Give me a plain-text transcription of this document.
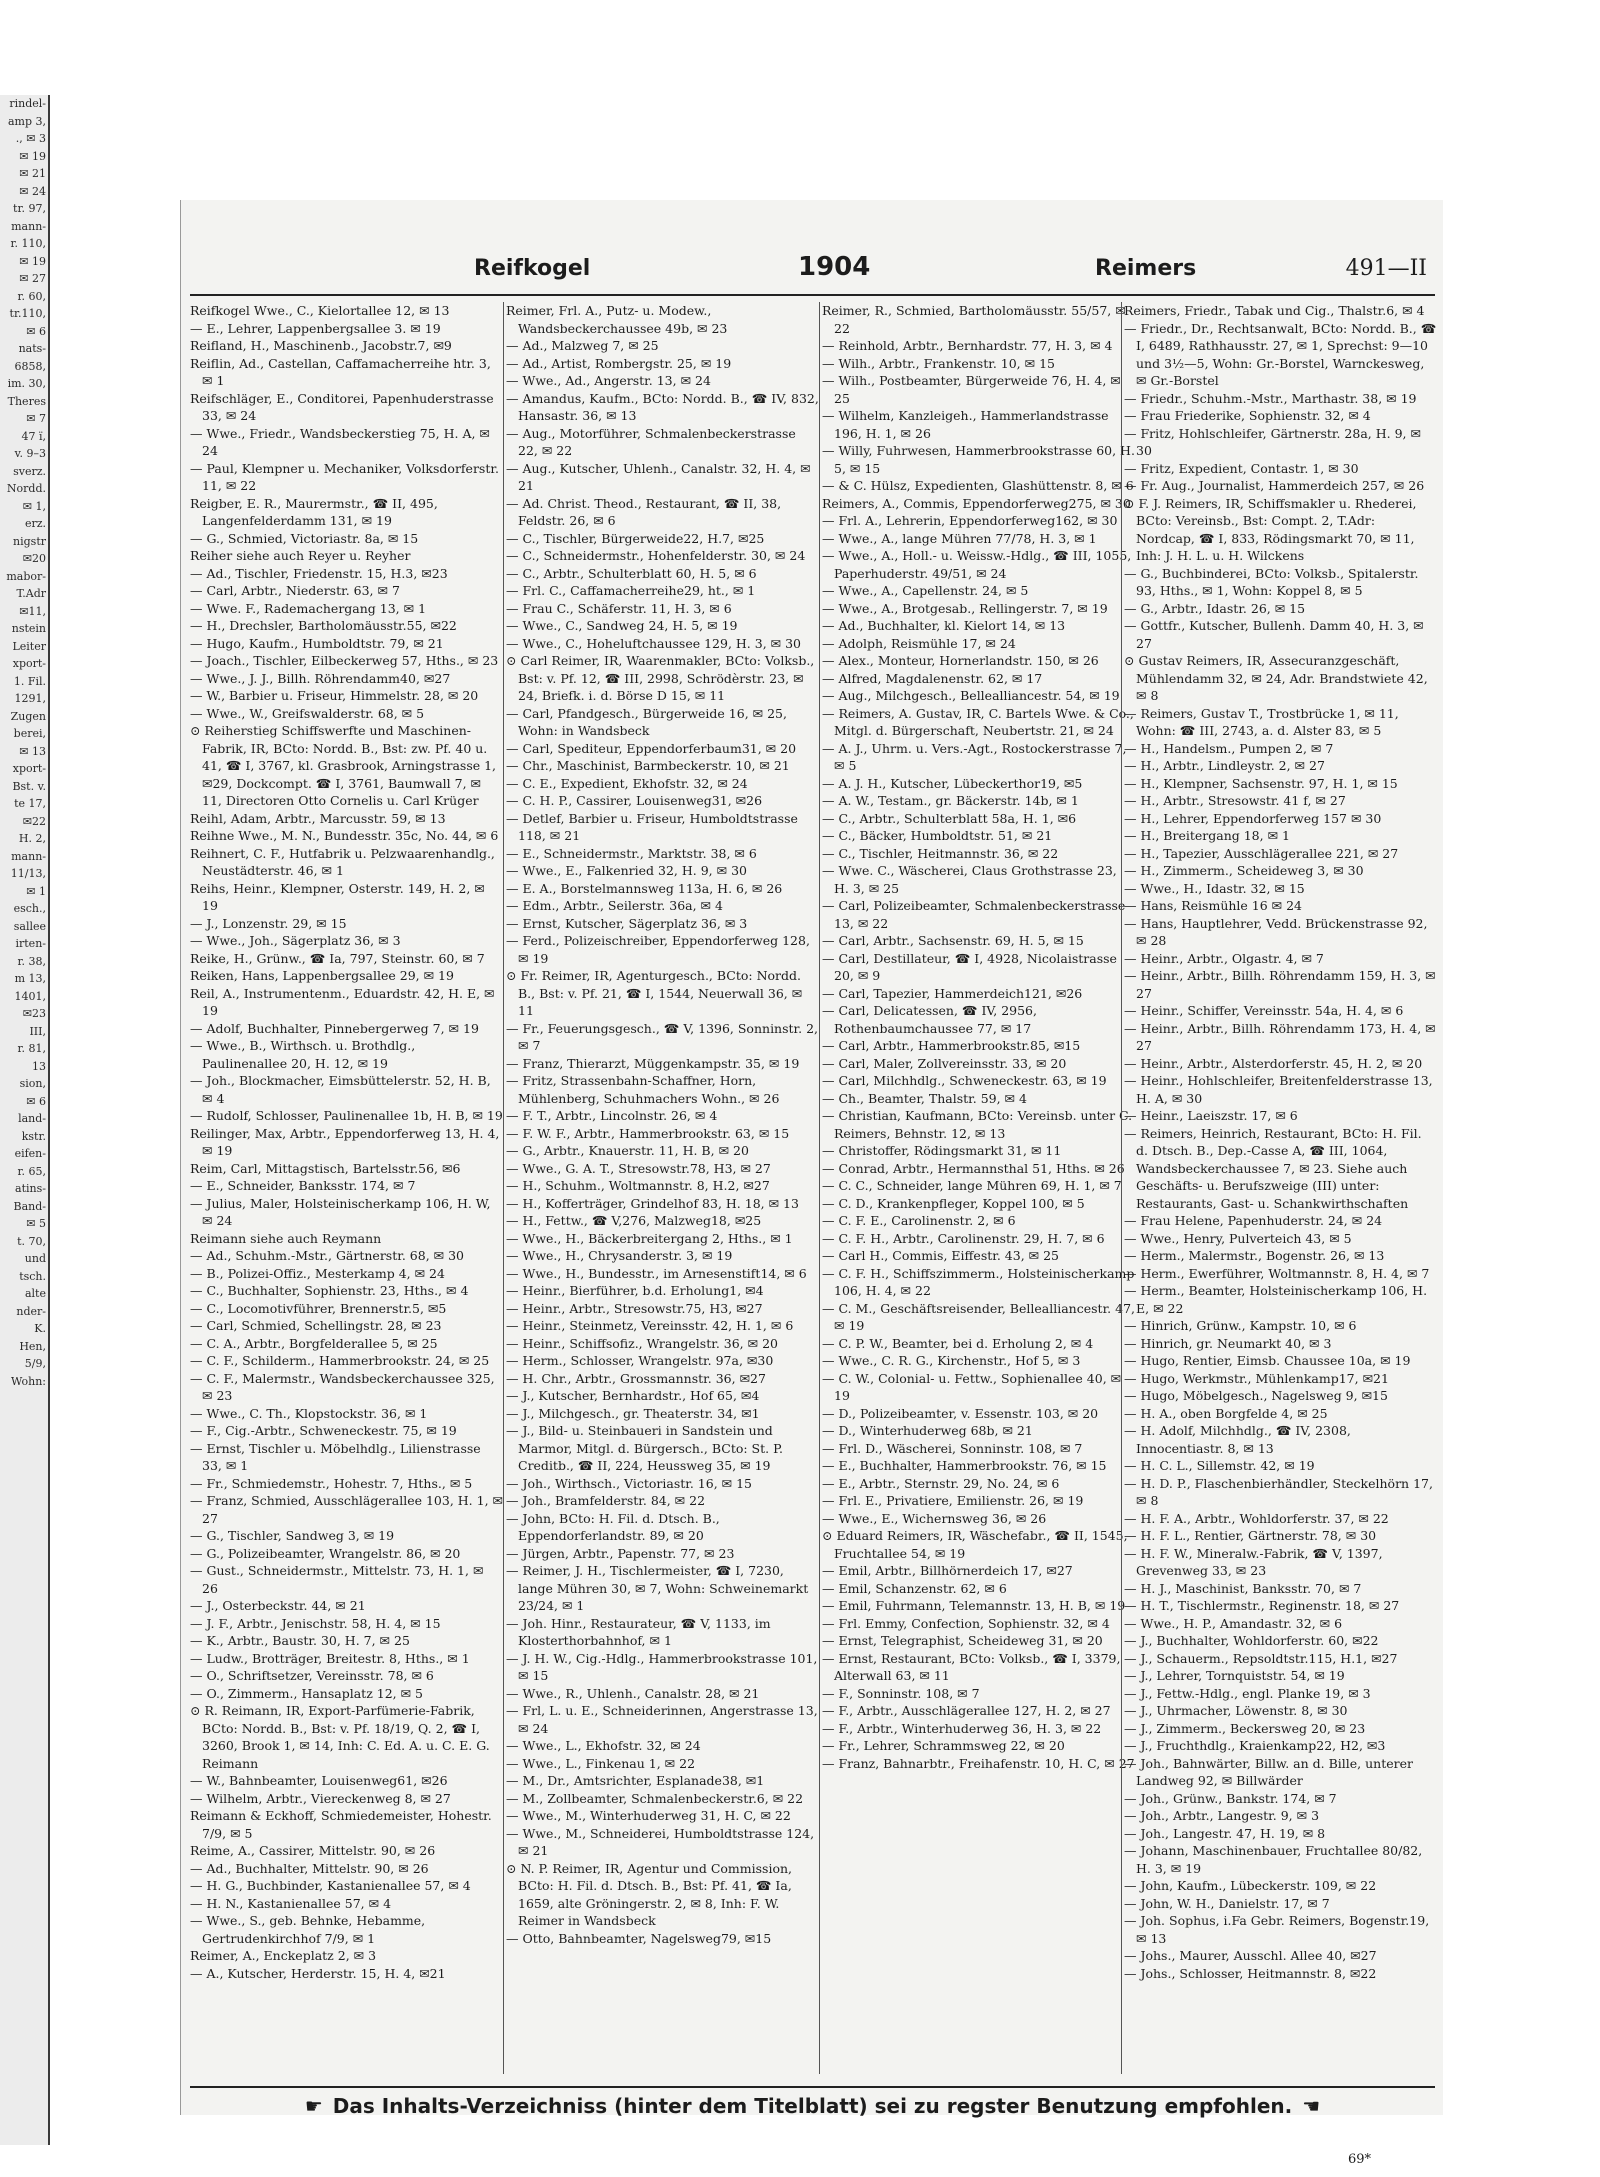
rindel-
amp 3,
., ✉ 3
✉ 19
✉ 21
✉ 24
tr. 97,
mann-
r. 110,
✉ 19
✉ 27
r. 60,
tr.110,
✉ 6
nats-
6858,
im. 30,
Theres
✉ 7
47 ï,
v. 9–3
sverz.
Nordd.
✉ 1,
erz.
nigstr
✉20
mabor-
T.Adr
✉11,
nstein
Leiter
xport-
1. Fil.
1291,
Zugen
berei,
✉ 13
xport-
Bst. v.
te 17,
✉22
H. 2,
mann-
11/13,
✉ 1
esch.,
sallee
irten-
r. 38,
m 13,
1401,
✉23
III,
r. 81,
13
sion,
✉ 6
land-
kstr.
eifen-
r. 65,
atins-
Band-
✉ 5
t. 70,
und
tsch.
alte
nder-
K.
Hen,
5/9,
Wohn:
Reifkogel	1904	Reimers	491—II

Reifkogel Wwe., C., Kielortallee 12, ✉ 13

— E., Lehrer, Lappenbergsallee 3. ✉ 19

Reifland, H., Maschinenb., Jacobstr.7, ✉9

Reiflin, Ad., Castellan, Caffamacherreihe htr. 3, ✉ 1

Reifschläger, E., Conditorei, Papenhuderstrasse 33, ✉ 24

— Wwe., Friedr., Wandsbeckerstieg 75, H. A, ✉ 24

— Paul, Klempner u. Mechaniker, Volksdorferstr. 11, ✉ 22

Reigber, E. R., Maurermstr., ☎ II, 495, Langenfelderdamm 131, ✉ 19

— G., Schmied, Victoriastr. 8a, ✉ 15

Reiher siehe auch Reyer u. Reyher

— Ad., Tischler, Friedenstr. 15, H.3, ✉23

— Carl, Arbtr., Niederstr. 63, ✉ 7

— Wwe. F., Rademachergang 13, ✉ 1

— H., Drechsler, Bartholomäusstr.55, ✉22

— Hugo, Kaufm., Humboldtstr. 79, ✉ 21

— Joach., Tischler, Eilbeckerweg 57, Hths., ✉ 23

— Wwe., J. J., Billh. Röhrendamm40, ✉27

— W., Barbier u. Friseur, Himmelstr. 28, ✉ 20

— Wwe., W., Greifswalderstr. 68, ✉ 5

⊙ Reiherstieg Schiffswerfte und Maschinen-Fabrik, IR, BCto: Nordd. B., Bst: zw. Pf. 40 u. 41, ☎ I, 3767, kl. Grasbrook, Arningstrasse 1, ✉29, Dockcompt. ☎ I, 3761, Baumwall 7, ✉ 11, Directoren Otto Cornelis u. Carl Krüger

Reihl, Adam, Arbtr., Marcusstr. 59, ✉ 13

Reihne Wwe., M. N., Bundesstr. 35c, No. 44, ✉ 6

Reihnert, C. F., Hutfabrik u. Pelzwaarenhandlg., Neustädterstr. 46, ✉ 1

Reihs, Heinr., Klempner, Osterstr. 149, H. 2, ✉ 19

— J., Lonzenstr. 29, ✉ 15

— Wwe., Joh., Sägerplatz 36, ✉ 3

Reike, H., Grünw., ☎ Ia, 797, Steinstr. 60, ✉ 7

Reiken, Hans, Lappenbergsallee 29, ✉ 19

Reil, A., Instrumentenm., Eduardstr. 42, H. E, ✉ 19

— Adolf, Buchhalter, Pinnebergerweg 7, ✉ 19

— Wwe., B., Wirthsch. u. Brothdlg., Paulinenallee 20, H. 12, ✉ 19

— Joh., Blockmacher, Eimsbüttelerstr. 52, H. B, ✉ 4

— Rudolf, Schlosser, Paulinenallee 1b, H. B, ✉ 19

Reilinger, Max, Arbtr., Eppendorferweg 13, H. 4, ✉ 19

Reim, Carl, Mittagstisch, Bartelsstr.56, ✉6

— E., Schneider, Banksstr. 174, ✉ 7

— Julius, Maler, Holsteinischerkamp 106, H. W, ✉ 24

Reimann siehe auch Reymann

— Ad., Schuhm.-Mstr., Gärtnerstr. 68, ✉ 30

— B., Polizei-Offiz., Mesterkamp 4, ✉ 24

— C., Buchhalter, Sophienstr. 23, Hths., ✉ 4

— C., Locomotivführer, Brennerstr.5, ✉5

— Carl, Schmied, Schellingstr. 28, ✉ 23

— C. A., Arbtr., Borgfelderallee 5, ✉ 25

— C. F., Schilderm., Hammerbrookstr. 24, ✉ 25

— C. F., Malermstr., Wandsbeckerchaussee 325, ✉ 23

— Wwe., C. Th., Klopstockstr. 36, ✉ 1

— F., Cig.-Arbtr., Schweneckestr. 75, ✉ 19

— Ernst, Tischler u. Möbelhdlg., Lilienstrasse 33, ✉ 1

— Fr., Schmiedemstr., Hohestr. 7, Hths., ✉ 5

— Franz, Schmied, Ausschlägerallee 103, H. 1, ✉ 27

— G., Tischler, Sandweg 3, ✉ 19

— G., Polizeibeamter, Wrangelstr. 86, ✉ 20

— Gust., Schneidermstr., Mittelstr. 73, H. 1, ✉ 26

— J., Osterbeckstr. 44, ✉ 21

— J. F., Arbtr., Jenischstr. 58, H. 4, ✉ 15

— K., Arbtr., Baustr. 30, H. 7, ✉ 25

— Ludw., Brotträger, Breitestr. 8, Hths., ✉ 1

— O., Schriftsetzer, Vereinsstr. 78, ✉ 6

— O., Zimmerm., Hansaplatz 12, ✉ 5

⊙ R. Reimann, IR, Export-Parfümerie-Fabrik, BCto: Nordd. B., Bst: v. Pf. 18/19, Q. 2, ☎ I, 3260, Brook 1, ✉ 14, Inh: C. Ed. A. u. C. E. G. Reimann

— W., Bahnbeamter, Louisenweg61, ✉26

— Wilhelm, Arbtr., Viereckenweg 8, ✉ 27

Reimann & Eckhoff, Schmiedemeister, Hohestr. 7/9, ✉ 5

Reime, A., Cassirer, Mittelstr. 90, ✉ 26

— Ad., Buchhalter, Mittelstr. 90, ✉ 26

— H. G., Buchbinder, Kastanienallee 57, ✉ 4

— H. N., Kastanienallee 57, ✉ 4

— Wwe., S., geb. Behnke, Hebamme, Gertrudenkirchhof 7/9, ✉ 1

Reimer, A., Enckeplatz 2, ✉ 3

— A., Kutscher, Herderstr. 15, H. 4, ✉21

Reimer, Frl. A., Putz- u. Modew., Wandsbeckerchaussee 49b, ✉ 23

— Ad., Malzweg 7, ✉ 25

— Ad., Artist, Rombergstr. 25, ✉ 19

— Wwe., Ad., Angerstr. 13, ✉ 24

— Amandus, Kaufm., BCto: Nordd. B., ☎ IV, 832, Hansastr. 36, ✉ 13

— Aug., Motorführer, Schmalenbeckerstrasse 22, ✉ 22

— Aug., Kutscher, Uhlenh., Canalstr. 32, H. 4, ✉ 21

— Ad. Christ. Theod., Restaurant, ☎ II, 38, Feldstr. 26, ✉ 6

— C., Tischler, Bürgerweide22, H.7, ✉25

— C., Schneidermstr., Hohenfelderstr. 30, ✉ 24

— C., Arbtr., Schulterblatt 60, H. 5, ✉ 6

— Frl. C., Caffamacherreihe29, ht., ✉ 1

— Frau C., Schäferstr. 11, H. 3, ✉ 6

— Wwe., C., Sandweg 24, H. 5, ✉ 19

— Wwe., C., Hoheluftchaussee 129, H. 3, ✉ 30

⊙ Carl Reimer, IR, Waarenmakler, BCto: Volksb., Bst: v. Pf. 12, ☎ III, 2998, Schrödèrstr. 23, ✉ 24, Briefk. i. d. Börse D 15, ✉ 11

— Carl, Pfandgesch., Bürgerweide 16, ✉ 25, Wohn: in Wandsbeck

— Carl, Spediteur, Eppendorferbaum31, ✉ 20

— Chr., Maschinist, Barmbeckerstr. 10, ✉ 21

— C. E., Expedient, Ekhofstr. 32, ✉ 24

— C. H. P., Cassirer, Louisenweg31, ✉26

— Detlef, Barbier u. Friseur, Humboldtstrasse 118, ✉ 21

— E., Schneidermstr., Marktstr. 38, ✉ 6

— Wwe., E., Falkenried 32, H. 9, ✉ 30

— E. A., Borstelmannsweg 113a, H. 6, ✉ 26

— Edm., Arbtr., Seilerstr. 36a, ✉ 4

— Ernst, Kutscher, Sägerplatz 36, ✉ 3

— Ferd., Polizeischreiber, Eppendorferweg 128, ✉ 19

⊙ Fr. Reimer, IR, Agenturgesch., BCto: Nordd. B., Bst: v. Pf. 21, ☎ I, 1544, Neuerwall 36, ✉ 11

— Fr., Feuerungsgesch., ☎ V, 1396, Sonninstr. 2, ✉ 7

— Franz, Thierarzt, Müggenkampstr. 35, ✉ 19

— Fritz, Strassenbahn-Schaffner, Horn, Mühlenberg, Schuhmachers Wohn., ✉ 26

— F. T., Arbtr., Lincolnstr. 26, ✉ 4

— F. W. F., Arbtr., Hammerbrookstr. 63, ✉ 15

— G., Arbtr., Knauerstr. 11, H. B, ✉ 20

— Wwe., G. A. T., Stresowstr.78, H3, ✉ 27

— H., Schuhm., Woltmannstr. 8, H.2, ✉27

— H., Kofferträger, Grindelhof 83, H. 18, ✉ 13

— H., Fettw., ☎ V,276, Malzweg18, ✉25

— Wwe., H., Bäckerbreitergang 2, Hths., ✉ 1

— Wwe., H., Chrysanderstr. 3, ✉ 19

— Wwe., H., Bundesstr., im Arnesenstift14, ✉ 6

— Heinr., Bierführer, b.d. Erholung1, ✉4

— Heinr., Arbtr., Stresowstr.75, H3, ✉27

— Heinr., Steinmetz, Vereinsstr. 42, H. 1, ✉ 6

— Heinr., Schiffsofiz., Wrangelstr. 36, ✉ 20

— Herm., Schlosser, Wrangelstr. 97a, ✉30

— H. Chr., Arbtr., Grossmannstr. 36, ✉27

— J., Kutscher, Bernhardstr., Hof 65, ✉4

— J., Milchgesch., gr. Theaterstr. 34, ✉1

— J., Bild- u. Steinbaueri in Sandstein und Marmor, Mitgl. d. Bürgersch., BCto: St. P. Creditb., ☎ II, 224, Heussweg 35, ✉ 19

— Joh., Wirthsch., Victoriastr. 16, ✉ 15

— Joh., Bramfelderstr. 84, ✉ 22

— John, BCto: H. Fil. d. Dtsch. B., Eppendorferlandstr. 89, ✉ 20

— Jürgen, Arbtr., Papenstr. 77, ✉ 23

— Reimer, J. H., Tischlermeister, ☎ I, 7230, lange Mühren 30, ✉ 7, Wohn: Schweinemarkt 23/24, ✉ 1

— Joh. Hinr., Restaurateur, ☎ V, 1133, im Klosterthorbahnhof, ✉ 1

— J. H. W., Cig.-Hdlg., Hammerbrookstrasse 101, ✉ 15

— Wwe., R., Uhlenh., Canalstr. 28, ✉ 21

— Frl, L. u. E., Schneiderinnen, Angerstrasse 13, ✉ 24

— Wwe., L., Ekhofstr. 32, ✉ 24

— Wwe., L., Finkenau 1, ✉ 22

— M., Dr., Amtsrichter, Esplanade38, ✉1

— M., Zollbeamter, Schmalenbeckerstr.6, ✉ 22

— Wwe., M., Winterhuderweg 31, H. C, ✉ 22

— Wwe., M., Schneiderei, Humboldtstrasse 124, ✉ 21

⊙ N. P. Reimer, IR, Agentur und Commission, BCto: H. Fil. d. Dtsch. B., Bst: Pf. 41, ☎ Ia, 1659, alte Gröningerstr. 2, ✉ 8, Inh: F. W. Reimer in Wandsbeck

— Otto, Bahnbeamter, Nagelsweg79, ✉15

Reimer, R., Schmied, Bartholomäusstr. 55/57, ✉ 22

— Reinhold, Arbtr., Bernhardstr. 77, H. 3, ✉ 4

— Wilh., Arbtr., Frankenstr. 10, ✉ 15

— Wilh., Postbeamter, Bürgerweide 76, H. 4, ✉ 25

— Wilhelm, Kanzleigeh., Hammerlandstrasse 196, H. 1, ✉ 26

— Willy, Fuhrwesen, Hammerbrookstrasse 60, H. 5, ✉ 15

— & C. Hülsz, Expedienten, Glashüttenstr. 8, ✉ 6

Reimers, A., Commis, Eppendorferweg275, ✉ 30

— Frl. A., Lehrerin, Eppendorferweg162, ✉ 30

— Wwe., A., lange Mühren 77/78, H. 3, ✉ 1

— Wwe., A., Holl.- u. Weissw.-Hdlg., ☎ III, 1055, Paperhuderstr. 49/51, ✉ 24

— Wwe., A., Capellenstr. 24, ✉ 5

— Wwe., A., Brotgesab., Rellingerstr. 7, ✉ 19

— Ad., Buchhalter, kl. Kielort 14, ✉ 13

— Adolph, Reismühle 17, ✉ 24

— Alex., Monteur, Hornerlandstr. 150, ✉ 26

— Alfred, Magdalenenstr. 62, ✉ 17

— Aug., Milchgesch., Bellealliancestr. 54, ✉ 19

— Reimers, A. Gustav, IR, C. Bartels Wwe. & Co., Mitgl. d. Bürgerschaft, Neubertstr. 21, ✉ 24

— A. J., Uhrm. u. Vers.-Agt., Rostockerstrasse 7, ✉ 5

— A. J. H., Kutscher, Lübeckerthor19, ✉5

— A. W., Testam., gr. Bäckerstr. 14b, ✉ 1

— C., Arbtr., Schulterblatt 58a, H. 1, ✉6

— C., Bäcker, Humboldtstr. 51, ✉ 21

— C., Tischler, Heitmannstr. 36, ✉ 22

— Wwe. C., Wäscherei, Claus Grothstrasse 23, H. 3, ✉ 25

— Carl, Polizeibeamter, Schmalenbeckerstrasse 13, ✉ 22

— Carl, Arbtr., Sachsenstr. 69, H. 5, ✉ 15

— Carl, Destillateur, ☎ I, 4928, Nicolaistrasse 20, ✉ 9

— Carl, Tapezier, Hammerdeich121, ✉26

— Carl, Delicatessen, ☎ IV, 2956, Rothenbaumchaussee 77, ✉ 17

— Carl, Arbtr., Hammerbrookstr.85, ✉15

— Carl, Maler, Zollvereinsstr. 33, ✉ 20

— Carl, Milchhdlg., Schweneckestr. 63, ✉ 19

— Ch., Beamter, Thalstr. 59, ✉ 4

— Christian, Kaufmann, BCto: Vereinsb. unter C. Reimers, Behnstr. 12, ✉ 13

— Christoffer, Rödingsmarkt 31, ✉ 11

— Conrad, Arbtr., Hermannsthal 51, Hths. ✉ 26

— C. C., Schneider, lange Mühren 69, H. 1, ✉ 7

— C. D., Krankenpfleger, Koppel 100, ✉ 5

— C. F. E., Carolinenstr. 2, ✉ 6

— C. F. H., Arbtr., Carolinenstr. 29, H. 7, ✉ 6

— Carl H., Commis, Eiffestr. 43, ✉ 25

— C. F. H., Schiffszimmerm., Holsteinischerkamp 106, H. 4, ✉ 22

— C. M., Geschäftsreisender, Bellealliancestr. 47, ✉ 19

— C. P. W., Beamter, bei d. Erholung 2, ✉ 4

— Wwe., C. R. G., Kirchenstr., Hof 5, ✉ 3

— C. W., Colonial- u. Fettw., Sophienallee 40, ✉ 19

— D., Polizeibeamter, v. Essenstr. 103, ✉ 20

— D., Winterhuderweg 68b, ✉ 21

— Frl. D., Wäscherei, Sonninstr. 108, ✉ 7

— E., Buchhalter, Hammerbrookstr. 76, ✉ 15

— E., Arbtr., Sternstr. 29, No. 24, ✉ 6

— Frl. E., Privatiere, Emilienstr. 26, ✉ 19

— Wwe., E., Wichernsweg 36, ✉ 26

⊙ Eduard Reimers, IR, Wäschefabr., ☎ II, 1545, Fruchtallee 54, ✉ 19

— Emil, Arbtr., Billhörnerdeich 17, ✉27

— Emil, Schanzenstr. 62, ✉ 6

— Emil, Fuhrmann, Telemannstr. 13, H. B, ✉ 19

— Frl. Emmy, Confection, Sophienstr. 32, ✉ 4

— Ernst, Telegraphist, Scheideweg 31, ✉ 20

— Ernst, Restaurant, BCto: Volksb., ☎ I, 3379, Alterwall 63, ✉ 11

— F., Sonninstr. 108, ✉ 7

— F., Arbtr., Ausschlägerallee 127, H. 2, ✉ 27

— F., Arbtr., Winterhuderweg 36, H. 3, ✉ 22

— Fr., Lehrer, Schrammsweg 22, ✉ 20

— Franz, Bahnarbtr., Freihafenstr. 10, H. C, ✉ 27

Reimers, Friedr., Tabak und Cig., Thalstr.6, ✉ 4

— Friedr., Dr., Rechtsanwalt, BCto: Nordd. B., ☎ I, 6489, Rathhausstr. 27, ✉ 1, Sprechst: 9—10 und 3½—5, Wohn: Gr.-Borstel, Warnckesweg, ✉ Gr.-Borstel

— Friedr., Schuhm.-Mstr., Marthastr. 38, ✉ 19

— Frau Friederike, Sophienstr. 32, ✉ 4

— Fritz, Hohlschleifer, Gärtnerstr. 28a, H. 9, ✉ 30

— Fritz, Expedient, Contastr. 1, ✉ 30

— Fr. Aug., Journalist, Hammerdeich 257, ✉ 26

⊙ F. J. Reimers, IR, Schiffsmakler u. Rhederei, BCto: Vereinsb., Bst: Compt. 2, T.Adr: Nordcap, ☎ I, 833, Rödingsmarkt 70, ✉ 11, Inh: J. H. L. u. H. Wilckens

— G., Buchbinderei, BCto: Volksb., Spitalerstr. 93, Hths., ✉ 1, Wohn: Koppel 8, ✉ 5

— G., Arbtr., Idastr. 26, ✉ 15

— Gottfr., Kutscher, Bullenh. Damm 40, H. 3, ✉ 27

⊙ Gustav Reimers, IR, Assecuranzgeschäft, Mühlendamm 32, ✉ 24, Adr. Brandstwiete 42, ✉ 8

— Reimers, Gustav T., Trostbrücke 1, ✉ 11, Wohn: ☎ III, 2743, a. d. Alster 83, ✉ 5

— H., Handelsm., Pumpen 2, ✉ 7

— H., Arbtr., Lindleystr. 2, ✉ 27

— H., Klempner, Sachsenstr. 97, H. 1, ✉ 15

— H., Arbtr., Stresowstr. 41 f, ✉ 27

— H., Lehrer, Eppendorferweg 157 ✉ 30

— H., Breitergang 18, ✉ 1

— H., Tapezier, Ausschlägerallee 221, ✉ 27

— H., Zimmerm., Scheideweg 3, ✉ 30

— Wwe., H., Idastr. 32, ✉ 15

— Hans, Reismühle 16 ✉ 24

— Hans, Hauptlehrer, Vedd. Brückenstrasse 92, ✉ 28

— Heinr., Arbtr., Olgastr. 4, ✉ 7

— Heinr., Arbtr., Billh. Röhrendamm 159, H. 3, ✉ 27

— Heinr., Schiffer, Vereinsstr. 54a, H. 4, ✉ 6

— Heinr., Arbtr., Billh. Röhrendamm 173, H. 4, ✉ 27

— Heinr., Arbtr., Alsterdorferstr. 45, H. 2, ✉ 20

— Heinr., Hohlschleifer, Breitenfelderstrasse 13, H. A, ✉ 30

— Heinr., Laeiszstr. 17, ✉ 6

— Reimers, Heinrich, Restaurant, BCto: H. Fil. d. Dtsch. B., Dep.-Casse A, ☎ III, 1064, Wandsbeckerchaussee 7, ✉ 23. Siehe auch Geschäfts- u. Berufszweige (III) unter: Restaurants, Gast- u. Schankwirthschaften

— Frau Helene, Papenhuderstr. 24, ✉ 24

— Wwe., Henry, Pulverteich 43, ✉ 5

— Herm., Malermstr., Bogenstr. 26, ✉ 13

— Herm., Ewerführer, Woltmannstr. 8, H. 4, ✉ 7

— Herm., Beamter, Holsteinischerkamp 106, H. E, ✉ 22

— Hinrich, Grünw., Kampstr. 10, ✉ 6

— Hinrich, gr. Neumarkt 40, ✉ 3

— Hugo, Rentier, Eimsb. Chaussee 10a, ✉ 19

— Hugo, Werkmstr., Mühlenkamp17, ✉21

— Hugo, Möbelgesch., Nagelsweg 9, ✉15

— H. A., oben Borgfelde 4, ✉ 25

— H. Adolf, Milchhdlg., ☎ IV, 2308, Innocentiastr. 8, ✉ 13

— H. C. L., Sillemstr. 42, ✉ 19

— H. D. P., Flaschenbierhändler, Steckelhörn 17, ✉ 8

— H. F. A., Arbtr., Wohldorferstr. 37, ✉ 22

— H. F. L., Rentier, Gärtnerstr. 78, ✉ 30

— H. F. W., Mineralw.-Fabrik, ☎ V, 1397, Grevenweg 33, ✉ 23

— H. J., Maschinist, Banksstr. 70, ✉ 7

— H. T., Tischlermstr., Reginenstr. 18, ✉ 27

— Wwe., H. P., Amandastr. 32, ✉ 6

— J., Buchhalter, Wohldorferstr. 60, ✉22

— J., Schauerm., Repsoldtstr.115, H.1, ✉27

— J., Lehrer, Tornquiststr. 54, ✉ 19

— J., Fettw.-Hdlg., engl. Planke 19, ✉ 3

— J., Uhrmacher, Löwenstr. 8, ✉ 30

— J., Zimmerm., Beckersweg 20, ✉ 23

— J., Fruchthdlg., Kraienkamp22, H2, ✉3

— Joh., Bahnwärter, Billw. an d. Bille, unterer Landweg 92, ✉ Billwärder

— Joh., Grünw., Bankstr. 174, ✉ 7

— Joh., Arbtr., Langestr. 9, ✉ 3

— Joh., Langestr. 47, H. 19, ✉ 8

— Johann, Maschinenbauer, Fruchtallee 80/82, H. 3, ✉ 19

— John, Kaufm., Lübeckerstr. 109, ✉ 22

— John, W. H., Danielstr. 17, ✉ 7

— Joh. Sophus, i.Fa Gebr. Reimers, Bogenstr.19, ✉ 13

— Johs., Maurer, Ausschl. Allee 40, ✉27

— Johs., Schlosser, Heitmannstr. 8, ✉22

☛ Das Inhalts-Verzeichniss (hinter dem Titelblatt) sei zu regster Benutzung empfohlen. ☚
69*
